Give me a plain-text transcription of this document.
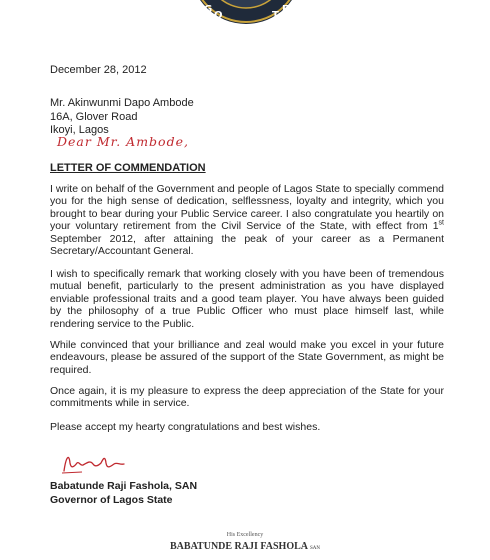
G
O	T
E
December 28, 2012
Mr. Akinwunmi Dapo Ambode
16A, Glover Road
Ikoyi, Lagos
Dear Mr. Ambode,
LETTER OF COMMENDATION

I write on behalf of the Government and people of Lagos State to specially commend you for the high sense of dedication, selflessness, loyalty and integrity, which you brought to bear during your Public Service career. I also congratulate you heartily on your voluntary retirement from the Civil Service of the State, with effect from 1st September 2012, after attaining the peak of your career as a Permanent Secretary/Accountant General.

I wish to specifically remark that working closely with you have been of tremendous mutual benefit, particularly to the present administration as you have displayed enviable professional traits and a good team player. You have always been guided by the philosophy of a true Public Officer who must place himself last, while rendering service to the Public.

While convinced that your brilliance and zeal would make you excel in your future endeavours, please be assured of the support of the State Government, as might be required.

Once again, it is my pleasure to express the deep appreciation of the State for your commitments while in service.

Please accept my hearty congratulations and best wishes.

Babatunde Raji Fashola, SAN
Governor of Lagos State
His Excellency
BABATUNDE RAJI FASHOLA SAN
